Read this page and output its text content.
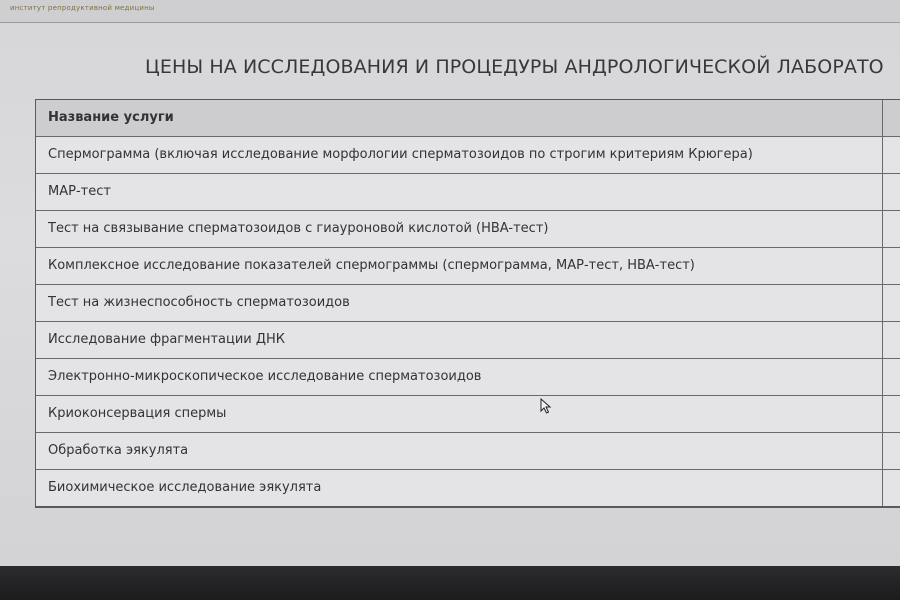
институт репродуктивной медицины
ЦЕНЫ НА ИССЛЕДОВАНИЯ И ПРОЦЕДУРЫ АНДРОЛОГИЧЕСКОЙ ЛАБОРАТО
Название услуги
Спермограмма (включая исследование морфологии сперматозоидов по строгим критериям Крюгера)
МАР-тест
Тест на связывание сперматозоидов с гиауроновой кислотой (HBA-тест)
Комплексное исследование показателей спермограммы (спермограмма, МАР-тест, НВА-тест)
Тест на жизнеспособность сперматозоидов
Исследование фрагментации ДНК
Электронно-микроскопическое исследование сперматозоидов
Криоконсервация спермы
Обработка эякулята
Биохимическое исследование эякулята
